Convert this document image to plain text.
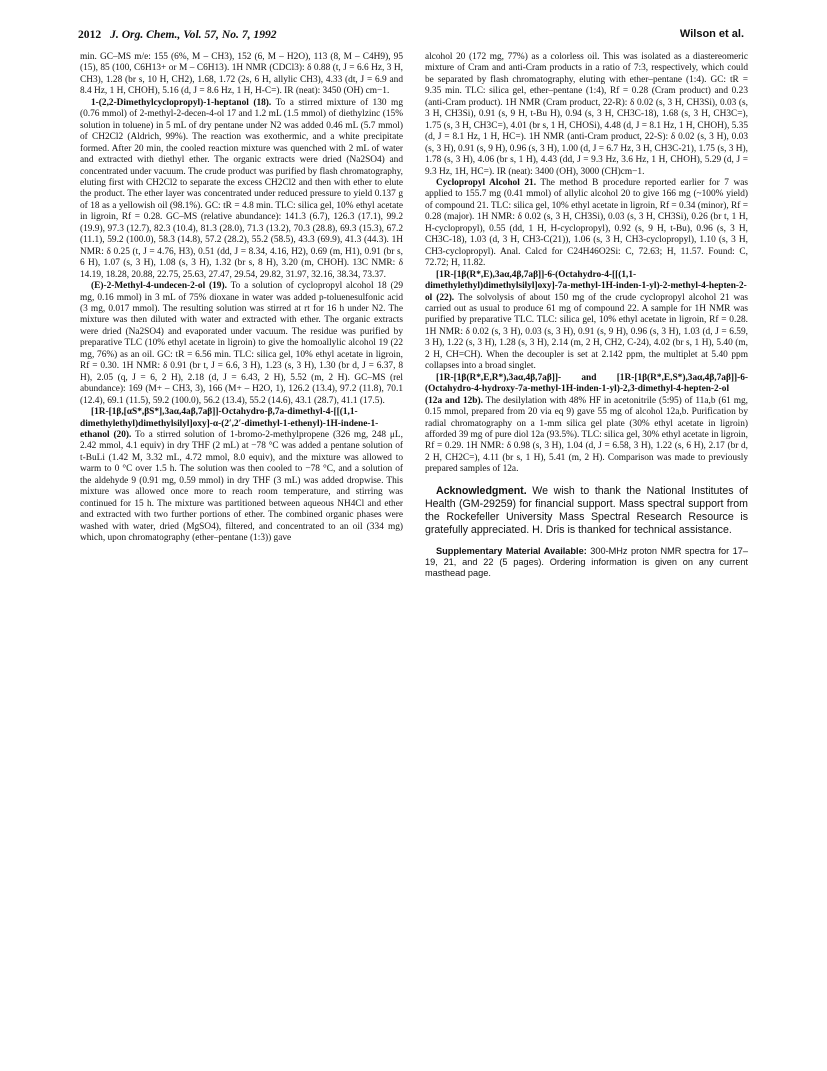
2012 J. Org. Chem., Vol. 57, No. 7, 1992	Wilson et al.

min. GC–MS m/e: 155 (6%, M – CH3), 152 (6, M – H2O), 113 (8, M – C4H9), 95 (15), 85 (100, C6H13+ or M – C6H13). 1H NMR (CDCl3): δ 0.88 (t, J = 6.6 Hz, 3 H, CH3), 1.28 (br s, 10 H, CH2), 1.68, 1.72 (2s, 6 H, allylic CH3), 4.33 (dt, J = 6.9 and 8.4 Hz, 1 H, CHOH), 5.16 (d, J = 8.6 Hz, 1 H, H-C=). IR (neat): 3450 (OH) cm−1.

1-(2,2-Dimethylcyclopropyl)-1-heptanol (18). To a stirred mixture of 130 mg (0.76 mmol) of 2-methyl-2-decen-4-ol 17 and 1.2 mL (1.5 mmol) of diethylzinc (15% solution in toluene) in 5 mL of dry pentane under N2 was added 0.46 mL (5.7 mmol) of CH2Cl2 (Aldrich, 99%). The reaction was exothermic, and a white precipitate formed. After 20 min, the cooled reaction mixture was quenched with 2 mL of water and extracted with diethyl ether. The organic extracts were dried (Na2SO4) and concentrated under vacuum. The crude product was purified by flash chromatography, eluting first with CH2Cl2 to separate the excess CH2Cl2 and then with ether to elute the product. The ether layer was concentrated under reduced pressure to yield 0.137 g of 18 as a yellowish oil (98.1%). GC: tR = 4.8 min. TLC: silica gel, 10% ethyl acetate in ligroin, Rf = 0.28. GC–MS (relative abundance): 141.3 (6.7), 126.3 (17.1), 99.2 (19.9), 97.3 (12.7), 82.3 (10.4), 81.3 (28.0), 71.3 (13.2), 70.3 (28.8), 69.3 (15.3), 67.2 (11.1), 59.2 (100.0), 58.3 (14.8), 57.2 (28.2), 55.2 (58.5), 43.3 (69.9), 41.3 (44.3). 1H NMR: δ 0.25 (t, J = 4.76, H3), 0.51 (dd, J = 8.34, 4.16, H2), 0.69 (m, H1), 0.91 (br s, 6 H), 1.07 (s, 3 H), 1.08 (s, 3 H), 1.32 (br s, 8 H), 3.20 (m, CHOH). 13C NMR: δ 14.19, 18.28, 20.88, 22.75, 25.63, 27.47, 29.54, 29.82, 31.97, 32.16, 38.34, 73.37.

(E)-2-Methyl-4-undecen-2-ol (19). To a solution of cyclopropyl alcohol 18 (29 mg, 0.16 mmol) in 3 mL of 75% dioxane in water was added p-toluenesulfonic acid (3 mg, 0.017 mmol). The resulting solution was stirred at rt for 16 h under N2. The mixture was then diluted with water and extracted with ether. The organic extracts were dried (Na2SO4) and evaporated under vacuum. The residue was purified by preparative TLC (10% ethyl acetate in ligroin) to give the homoallylic alcohol 19 (22 mg, 76%) as an oil. GC: tR = 6.56 min. TLC: silica gel, 10% ethyl acetate in ligroin, Rf = 0.30. 1H NMR: δ 0.91 (br t, J = 6.6, 3 H), 1.23 (s, 3 H), 1.30 (br d, J = 6.37, 8 H), 2.05 (q, J = 6, 2 H), 2.18 (d, J = 6.43, 2 H), 5.52 (m, 2 H). GC–MS (rel abundance): 169 (M+ – CH3, 3), 166 (M+ – H2O, 1), 126.2 (13.4), 97.2 (11.8), 70.1 (12.4), 69.1 (11.5), 59.2 (100.0), 56.2 (13.4), 55.2 (14.6), 43.1 (28.7), 41.1 (17.5).

[1R-[1β,[αS*,βS*],3aα,4aβ,7aβ]]-Octahydro-β,7a-dimethyl-4-[[(1,1-dimethylethyl)dimethylsilyl]oxy]-α-(2′,2′-dimethyl-1-ethenyl)-1H-indene-1-ethanol (20). To a stirred solution of 1-bromo-2-methylpropene (326 mg, 248 μL, 2.42 mmol, 4.1 equiv) in dry THF (2 mL) at −78 °C was added a pentane solution of t-BuLi (1.42 M, 3.32 mL, 4.72 mmol, 8.0 equiv), and the mixture was allowed to warm to 0 °C over 1.5 h. The solution was then cooled to −78 °C, and a solution of the aldehyde 9 (0.91 mg, 0.59 mmol) in dry THF (3 mL) was added dropwise. This mixture was allowed once more to reach room temperature, and stirring was continued for 15 h. The mixture was partitioned between aqueous NH4Cl and ether and extracted with two further portions of ether. The combined organic phases were washed with water, dried (MgSO4), filtered, and concentrated to an oil (334 mg) which, upon chromatography (ether–pentane (1:3)) gave

alcohol 20 (172 mg, 77%) as a colorless oil. This was isolated as a diastereomeric mixture of Cram and anti-Cram products in a ratio of 7:3, respectively, which could be separated by flash chromatography, eluting with ether–pentane (1:4). GC: tR = 9.35 min. TLC: silica gel, ether–pentane (1:4), Rf = 0.28 (Cram product) and 0.23 (anti-Cram product). 1H NMR (Cram product, 22-R): δ 0.02 (s, 3 H, CH3Si), 0.03 (s, 3 H, CH3Si), 0.91 (s, 9 H, t-Bu H), 0.94 (s, 3 H, CH3C-18), 1.68 (s, 3 H, CH3C=), 1.75 (s, 3 H, CH3C=), 4.01 (br s, 1 H, CHOSi), 4.48 (d, J = 8.1 Hz, 1 H, CHOH), 5.35 (d, J = 8.1 Hz, 1 H, HC=). 1H NMR (anti-Cram product, 22-S): δ 0.02 (s, 3 H), 0.03 (s, 3 H), 0.91 (s, 9 H), 0.96 (s, 3 H), 1.00 (d, J = 6.7 Hz, 3 H, CH3C-21), 1.75 (s, 3 H), 1.78 (s, 3 H), 4.06 (br s, 1 H), 4.43 (dd, J = 9.3 Hz, 3.6 Hz, 1 H, CHOH), 5.29 (d, J = 9.3 Hz, 1H, HC=). IR (neat): 3400 (OH), 3000 (CH)cm−1.

Cyclopropyl Alcohol 21. The method B procedure reported earlier for 7 was applied to 155.7 mg (0.41 mmol) of allylic alcohol 20 to give 166 mg (~100% yield) of compound 21. TLC: silica gel, 10% ethyl acetate in ligroin, Rf = 0.34 (minor), Rf = 0.28 (major). 1H NMR: δ 0.02 (s, 3 H, CH3Si), 0.03 (s, 3 H, CH3Si), 0.26 (br t, 1 H, H-cyclopropyl), 0.55 (dd, 1 H, H-cyclopropyl), 0.92 (s, 9 H, t-Bu), 0.96 (s, 3 H, CH3C-18), 1.03 (d, 3 H, CH3-C(21)), 1.06 (s, 3 H, CH3-cyclopropyl), 1.10 (s, 3 H, CH3-cyclopropyl). Anal. Calcd for C24H46O2Si: C, 72.63; H, 11.57. Found: C, 72.72; H, 11.82.

[1R-[1β(R*,E),3aα,4β,7aβ]]-6-(Octahydro-4-[[(1,1-dimethylethyl)dimethylsilyl]oxy]-7a-methyl-1H-inden-1-yl)-2-methyl-4-hepten-2-ol (22). The solvolysis of about 150 mg of the crude cyclopropyl alcohol 21 was carried out as usual to produce 61 mg of compound 22. A sample for 1H NMR was purified by preparative TLC. TLC: silica gel, 10% ethyl acetate in ligroin, Rf = 0.28. 1H NMR: δ 0.02 (s, 3 H), 0.03 (s, 3 H), 0.91 (s, 9 H), 0.96 (s, 3 H), 1.03 (d, J = 6.59, 3 H), 1.22 (s, 3 H), 1.28 (s, 3 H), 2.14 (m, 2 H, CH2, C-24), 4.02 (br s, 1 H), 5.40 (m, 2 H, CH=CH). When the decoupler is set at 2.142 ppm, the multiplet at 5.40 ppm collapses into a broad singlet.

[1R-[1β(R*,E,R*),3aα,4β,7aβ]]- and [1R-[1β(R*,E,S*),3aα,4β,7aβ]]-6-(Octahydro-4-hydroxy-7a-methyl-1H-inden-1-yl)-2,3-dimethyl-4-hepten-2-ol (12a and 12b). The desilylation with 48% HF in acetonitrile (5:95) of 11a,b (61 mg, 0.15 mmol, prepared from 20 via eq 9) gave 55 mg of alcohol 12a,b. Purification by radial chromatography on a 1-mm silica gel plate (30% ethyl acetate in ligroin) afforded 39 mg of pure diol 12a (93.5%). TLC: silica gel, 30% ethyl acetate in ligroin, Rf = 0.29. 1H NMR: δ 0.98 (s, 3 H), 1.04 (d, J = 6.58, 3 H), 1.22 (s, 6 H), 2.17 (br d, 2 H, CH2C=), 4.11 (br s, 1 H), 5.41 (m, 2 H). Comparison was made to previously prepared samples of 12a.

Acknowledgment. We wish to thank the National Institutes of Health (GM-29259) for financial support. Mass spectral support from the Rockefeller University Mass Spectral Research Resource is gratefully appreciated. H. Dris is thanked for technical assistance.

Supplementary Material Available: 300-MHz proton NMR spectra for 17–19, 21, and 22 (5 pages). Ordering information is given on any current masthead page.
